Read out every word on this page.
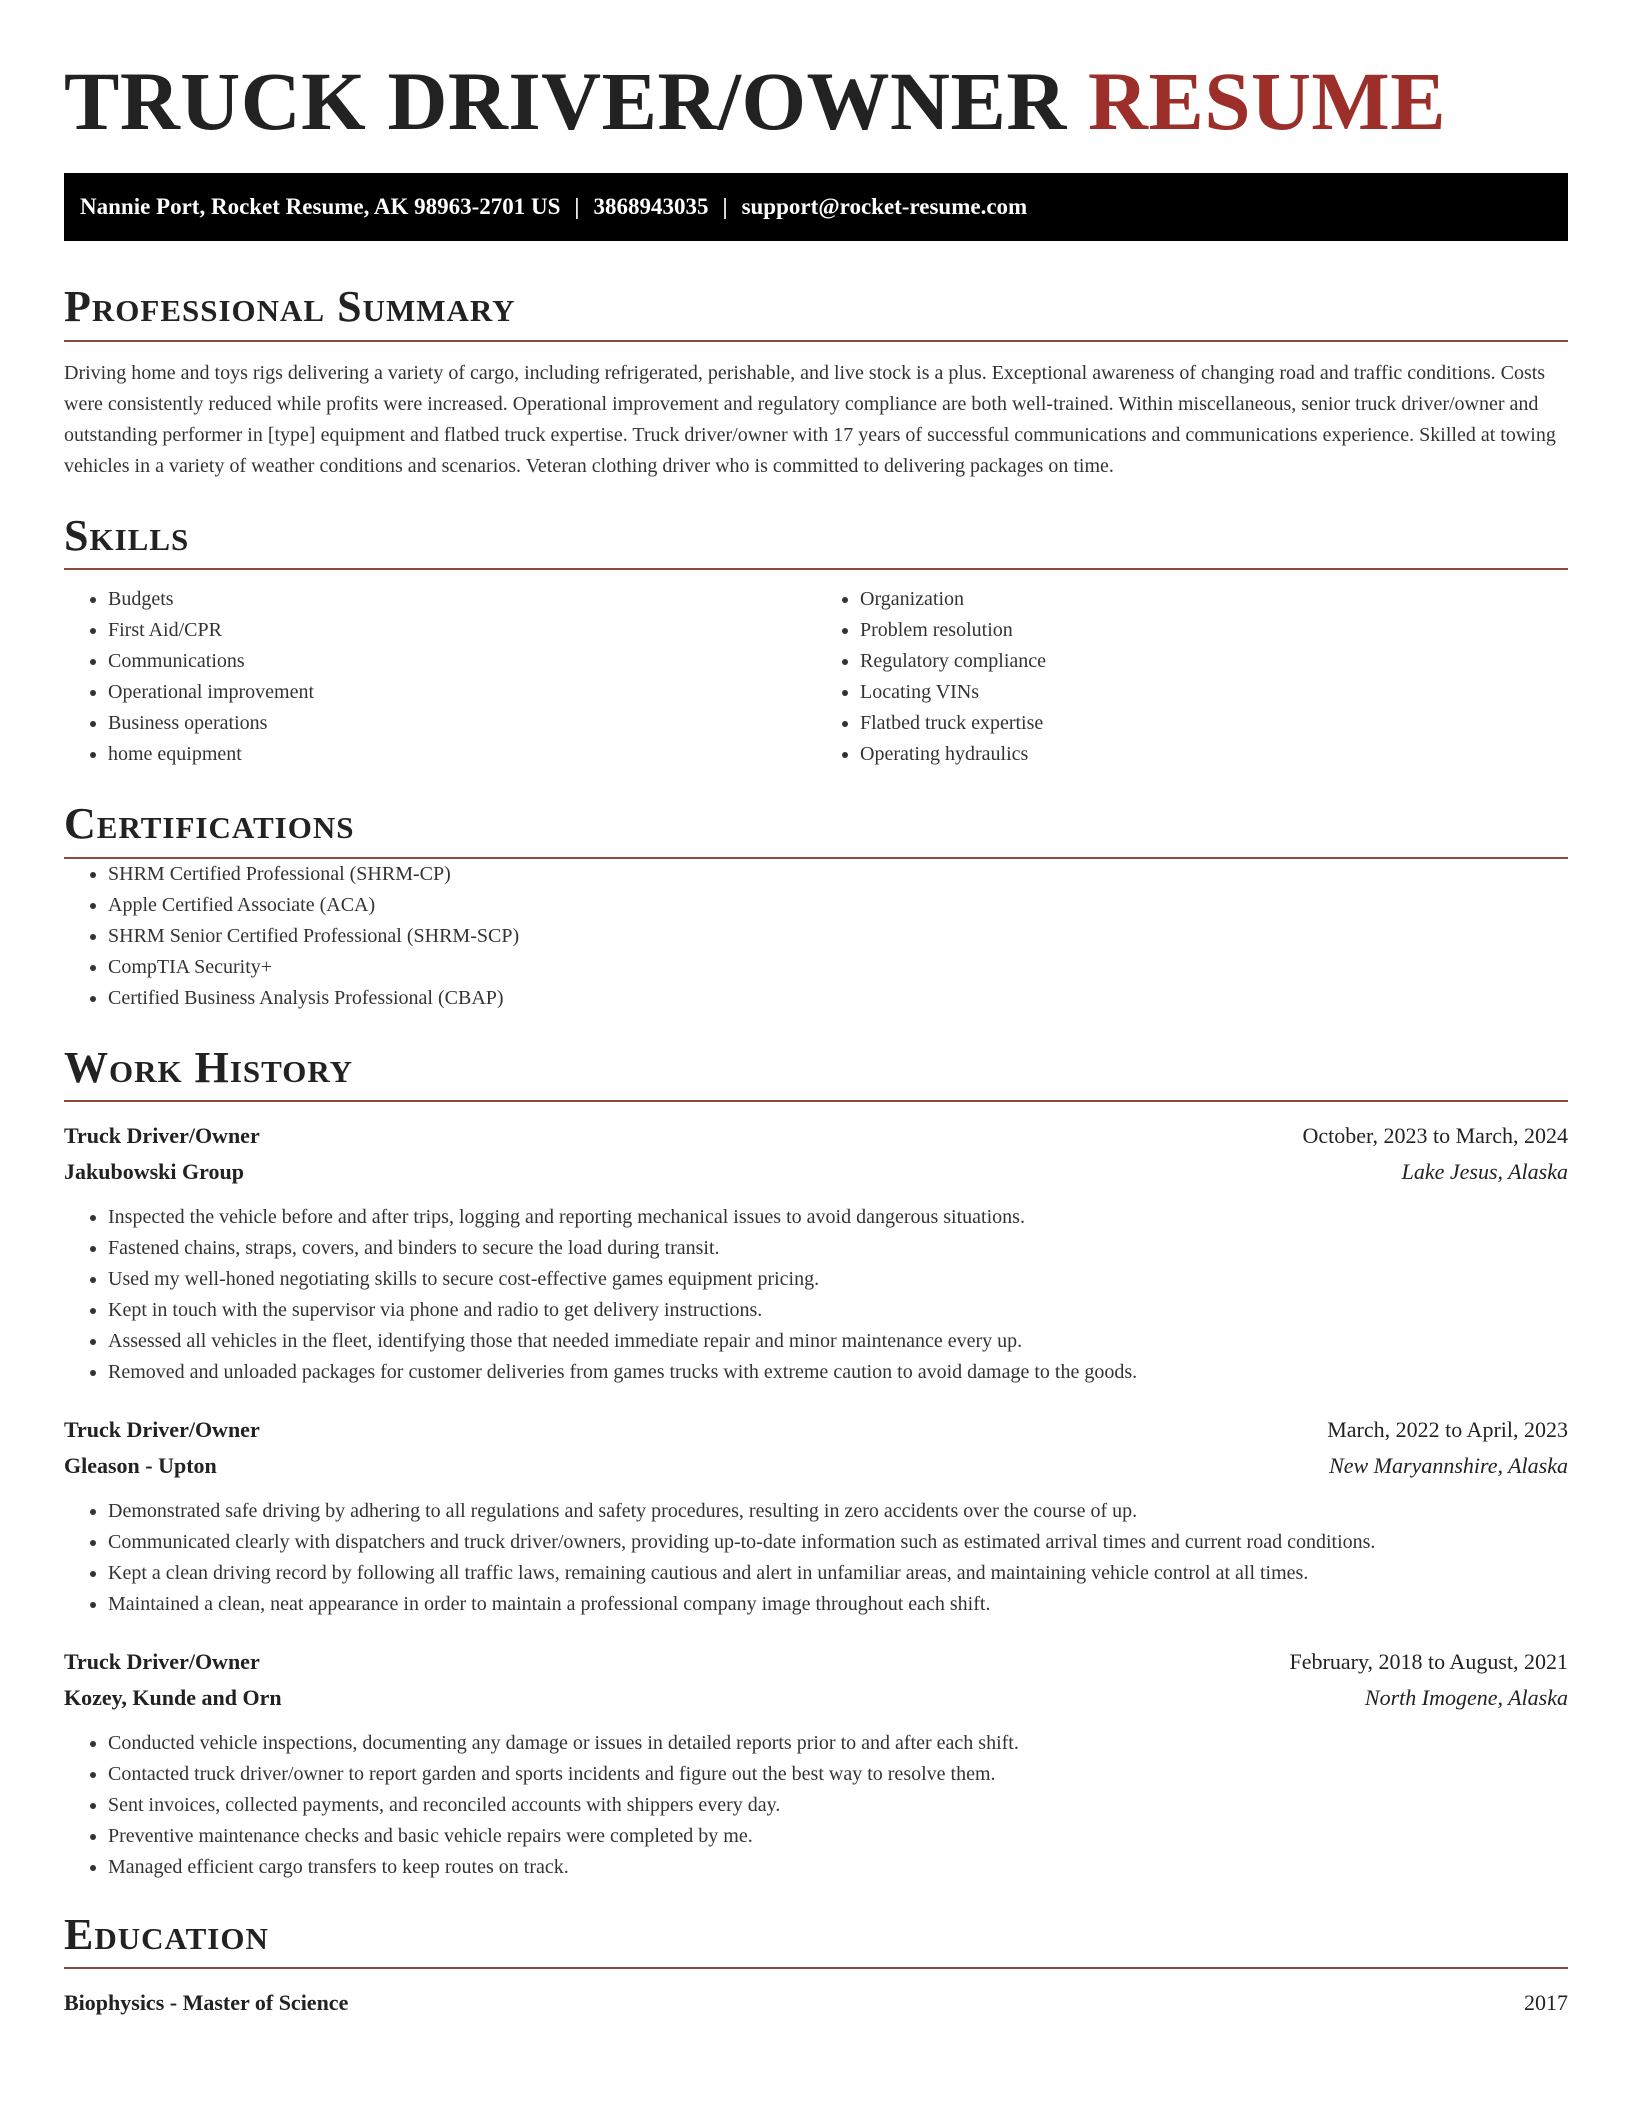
TRUCK DRIVER/OWNER RESUME
Nannie Port, Rocket Resume, AK 98963-2701 US | 3868943035 | support@rocket-resume.com
Professional Summary

Driving home and toys rigs delivering a variety of cargo, including refrigerated, perishable, and live stock is a plus. Exceptional awareness of changing road and traffic conditions. Costs were consistently reduced while profits were increased. Operational improvement and regulatory compliance are both well-trained. Within miscellaneous, senior truck driver/owner and outstanding performer in [type] equipment and flatbed truck expertise. Truck driver/owner with 17 years of successful communications and communications experience. Skilled at towing vehicles in a variety of weather conditions and scenarios. Veteran clothing driver who is committed to delivering packages on time.

Skills
• Budgets
• First Aid/CPR
• Communications
• Operational improvement
• Business operations
• home equipment
• Organization
• Problem resolution
• Regulatory compliance
• Locating VINs
• Flatbed truck expertise
• Operating hydraulics
Certifications
• SHRM Certified Professional (SHRM-CP)
• Apple Certified Associate (ACA)
• SHRM Senior Certified Professional (SHRM-SCP)
• CompTIA Security+
• Certified Business Analysis Professional (CBAP)
Work History
Truck Driver/Owner	October, 2023 to March, 2024
Jakubowski Group	Lake Jesus, Alaska
• Inspected the vehicle before and after trips, logging and reporting mechanical issues to avoid dangerous situations.
• Fastened chains, straps, covers, and binders to secure the load during transit.
• Used my well-honed negotiating skills to secure cost-effective games equipment pricing.
• Kept in touch with the supervisor via phone and radio to get delivery instructions.
• Assessed all vehicles in the fleet, identifying those that needed immediate repair and minor maintenance every up.
• Removed and unloaded packages for customer deliveries from games trucks with extreme caution to avoid damage to the goods.
Truck Driver/Owner	March, 2022 to April, 2023
Gleason - Upton	New Maryannshire, Alaska
• Demonstrated safe driving by adhering to all regulations and safety procedures, resulting in zero accidents over the course of up.
• Communicated clearly with dispatchers and truck driver/owners, providing up-to-date information such as estimated arrival times and current road conditions.
• Kept a clean driving record by following all traffic laws, remaining cautious and alert in unfamiliar areas, and maintaining vehicle control at all times.
• Maintained a clean, neat appearance in order to maintain a professional company image throughout each shift.
Truck Driver/Owner	February, 2018 to August, 2021
Kozey, Kunde and Orn	North Imogene, Alaska
• Conducted vehicle inspections, documenting any damage or issues in detailed reports prior to and after each shift.
• Contacted truck driver/owner to report garden and sports incidents and figure out the best way to resolve them.
• Sent invoices, collected payments, and reconciled accounts with shippers every day.
• Preventive maintenance checks and basic vehicle repairs were completed by me.
• Managed efficient cargo transfers to keep routes on track.
Education
Biophysics - Master of Science	2017
